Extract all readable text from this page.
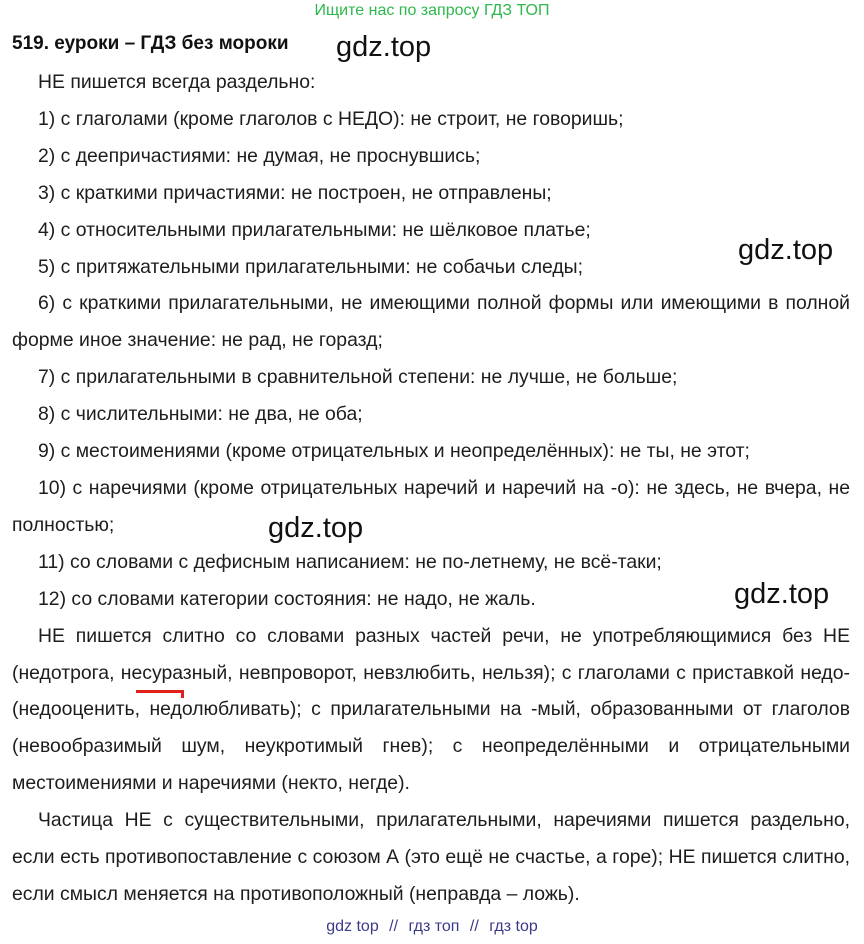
Ищите нас по запросу ГДЗ ТОП
519. еуроки – ГДЗ без мороки gdz.top
gdz.top
gdz.top
gdz.top

НЕ пишется всегда раздельно:

1) с глаголами (кроме глаголов с НЕДО): не строит, не говоришь;

2) с деепричастиями: не думая, не проснувшись;

3) с краткими причастиями: не построен, не отправлены;

4) с относительными прилагательными: не шёлковое платье;

5) с притяжательными прилагательными: не собачьи следы;

6) с краткими прилагательными, не имеющими полной формы или имеющими в полной форме иное значение: не рад, не горазд;

7) с прилагательными в сравнительной степени: не лучше, не больше;

8) с числительными: не два, не оба;

9) с местоимениями (кроме отрицательных и неопределённых): не ты, не этот;

10) с наречиями (кроме отрицательных наречий и наречий на -о): не здесь, не вчера, не полностью;

11) со словами с дефисным написанием: не по-летнему, не всё-таки;

12) со словами категории состояния: не надо, не жаль.

НЕ пишется слитно со словами разных частей речи, не употребляющимися без НЕ (недотрога, несуразный, невпроворот, невзлюбить, нельзя); с глаголами с приставкой недо- (недооценить, недолюбливать); с прилагательными на -мый, образованными от глаголов (невообразимый шум, неукротимый гнев); с неопределёнными и отрицательными местоимениями и наречиями (некто, негде).

Частица НЕ с существительными, прилагательными, наречиями пишется раздельно, если есть противопоставление с союзом А (это ещё не счастье, а горе); НЕ пишется слитно, если смысл меняется на противоположный (неправда – ложь).

gdz top // гдз топ // гдз top
